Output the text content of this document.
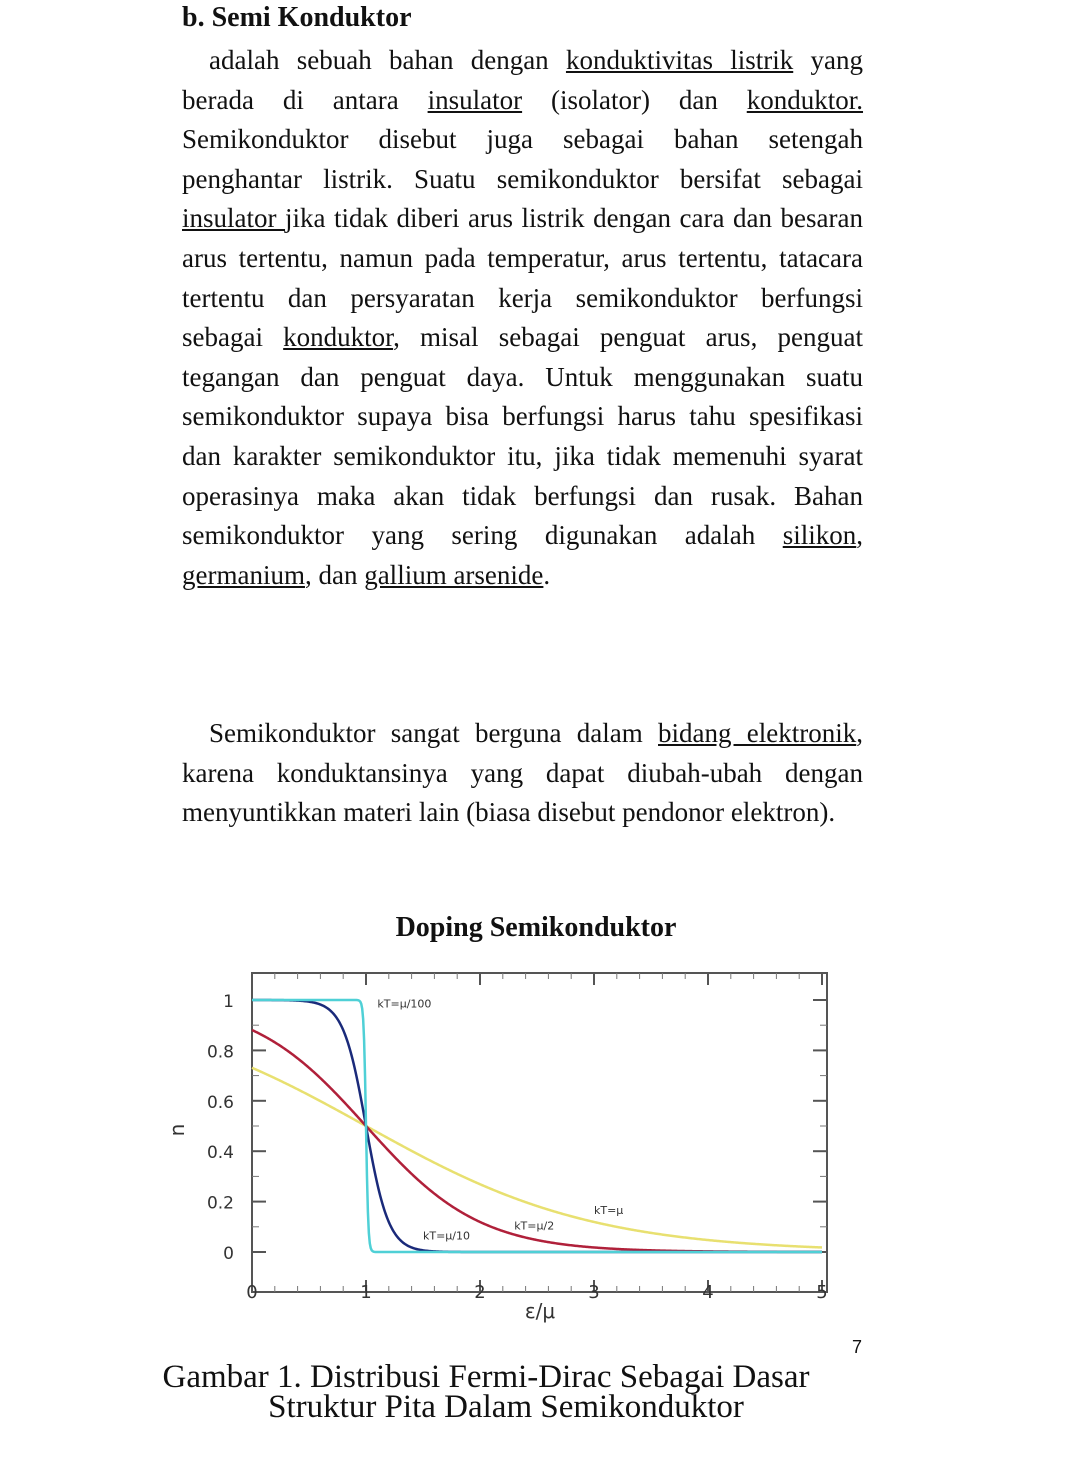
b. Semi Konduktor

adalah sebuah bahan dengan konduktivitas listrik yang berada di antara insulator (isolator) dan konduktor. Semikonduktor disebut juga sebagai bahan setengah penghantar listrik. Suatu semikonduktor bersifat sebagai insulator jika tidak diberi arus listrik dengan cara dan besaran arus tertentu, namun pada temperatur, arus tertentu, tatacara tertentu dan persyaratan kerja semikonduktor berfungsi sebagai konduktor, misal sebagai penguat arus, penguat tegangan dan penguat daya. Untuk menggunakan suatu semikonduktor supaya bisa berfungsi harus tahu spesifikasi dan karakter semikonduktor itu, jika tidak memenuhi syarat operasinya maka akan tidak berfungsi dan rusak. Bahan semikonduktor yang sering digunakan adalah silikon, germanium, dan gallium arsenide.

Semikonduktor sangat berguna dalam bidang elektronik, karena konduktansinya yang dapat diubah-ubah dengan menyuntikkan materi lain (biasa disebut pendonor elektron).

Doping Semikonduktor
0	1	2	3	4	5
0
0.2
0.4
0.6
0.8
1
kT=μ
kT=μ/2
kT=μ/10
kT=μ/100
ε/μ
n
7
Gambar 1. Distribusi Fermi-Dirac Sebagai Dasar
Struktur Pita Dalam Semikonduktor
